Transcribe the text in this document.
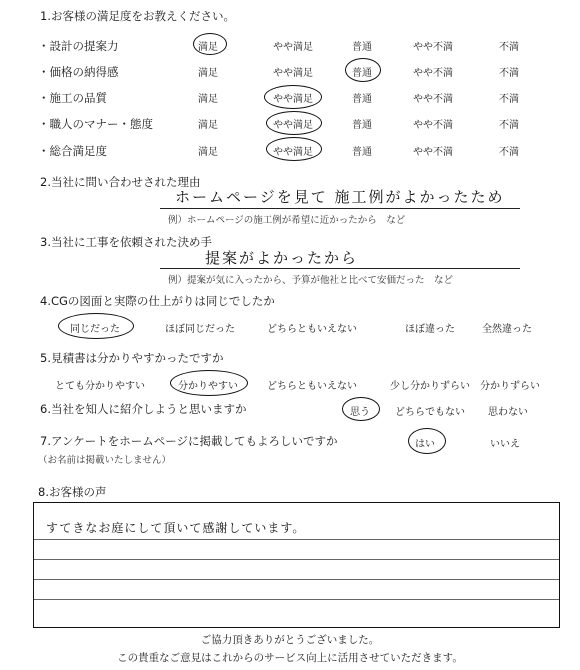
1.お客様の満足度をお教えください。
・設計の提案力	満足	やや満足	普通	やや不満	不満
・価格の納得感	満足	やや満足	普通	やや不満	不満
・施工の品質	満足	やや満足	普通	やや不満	不満
・職人のマナー・態度	満足	やや満足	普通	やや不満	不満
・総合満足度	満足	やや満足	普通	やや不満	不満
2.当社に問い合わせされた理由
ホームページを見て 施工例がよかったため
例）ホームページの施工例が希望に近かったから　など
3.当社に工事を依頼された決め手
提案がよかったから
例）提案が気に入ったから、予算が他社と比べて安価だった　など
4.CGの図面と実際の仕上がりは同じでしたか
同じだった	ほぼ同じだった	どちらともいえない	ほぼ違った	全然違った
5.見積書は分かりやすかったですか
とても分かりやすい	分かりやすい	どちらともいえない	少し分かりずらい	分かりずらい
6.当社を知人に紹介しようと思いますか	思う	どちらでもない	思わない
7.アンケートをホームページに掲載してもよろしいですか
（お名前は掲載いたしません）
はい	いいえ
8.お客様の声
すてきなお庭にして頂いて感謝しています。
ご協力頂きありがとうございました。
この貴重なご意見はこれからのサービス向上に活用させていただきます。
